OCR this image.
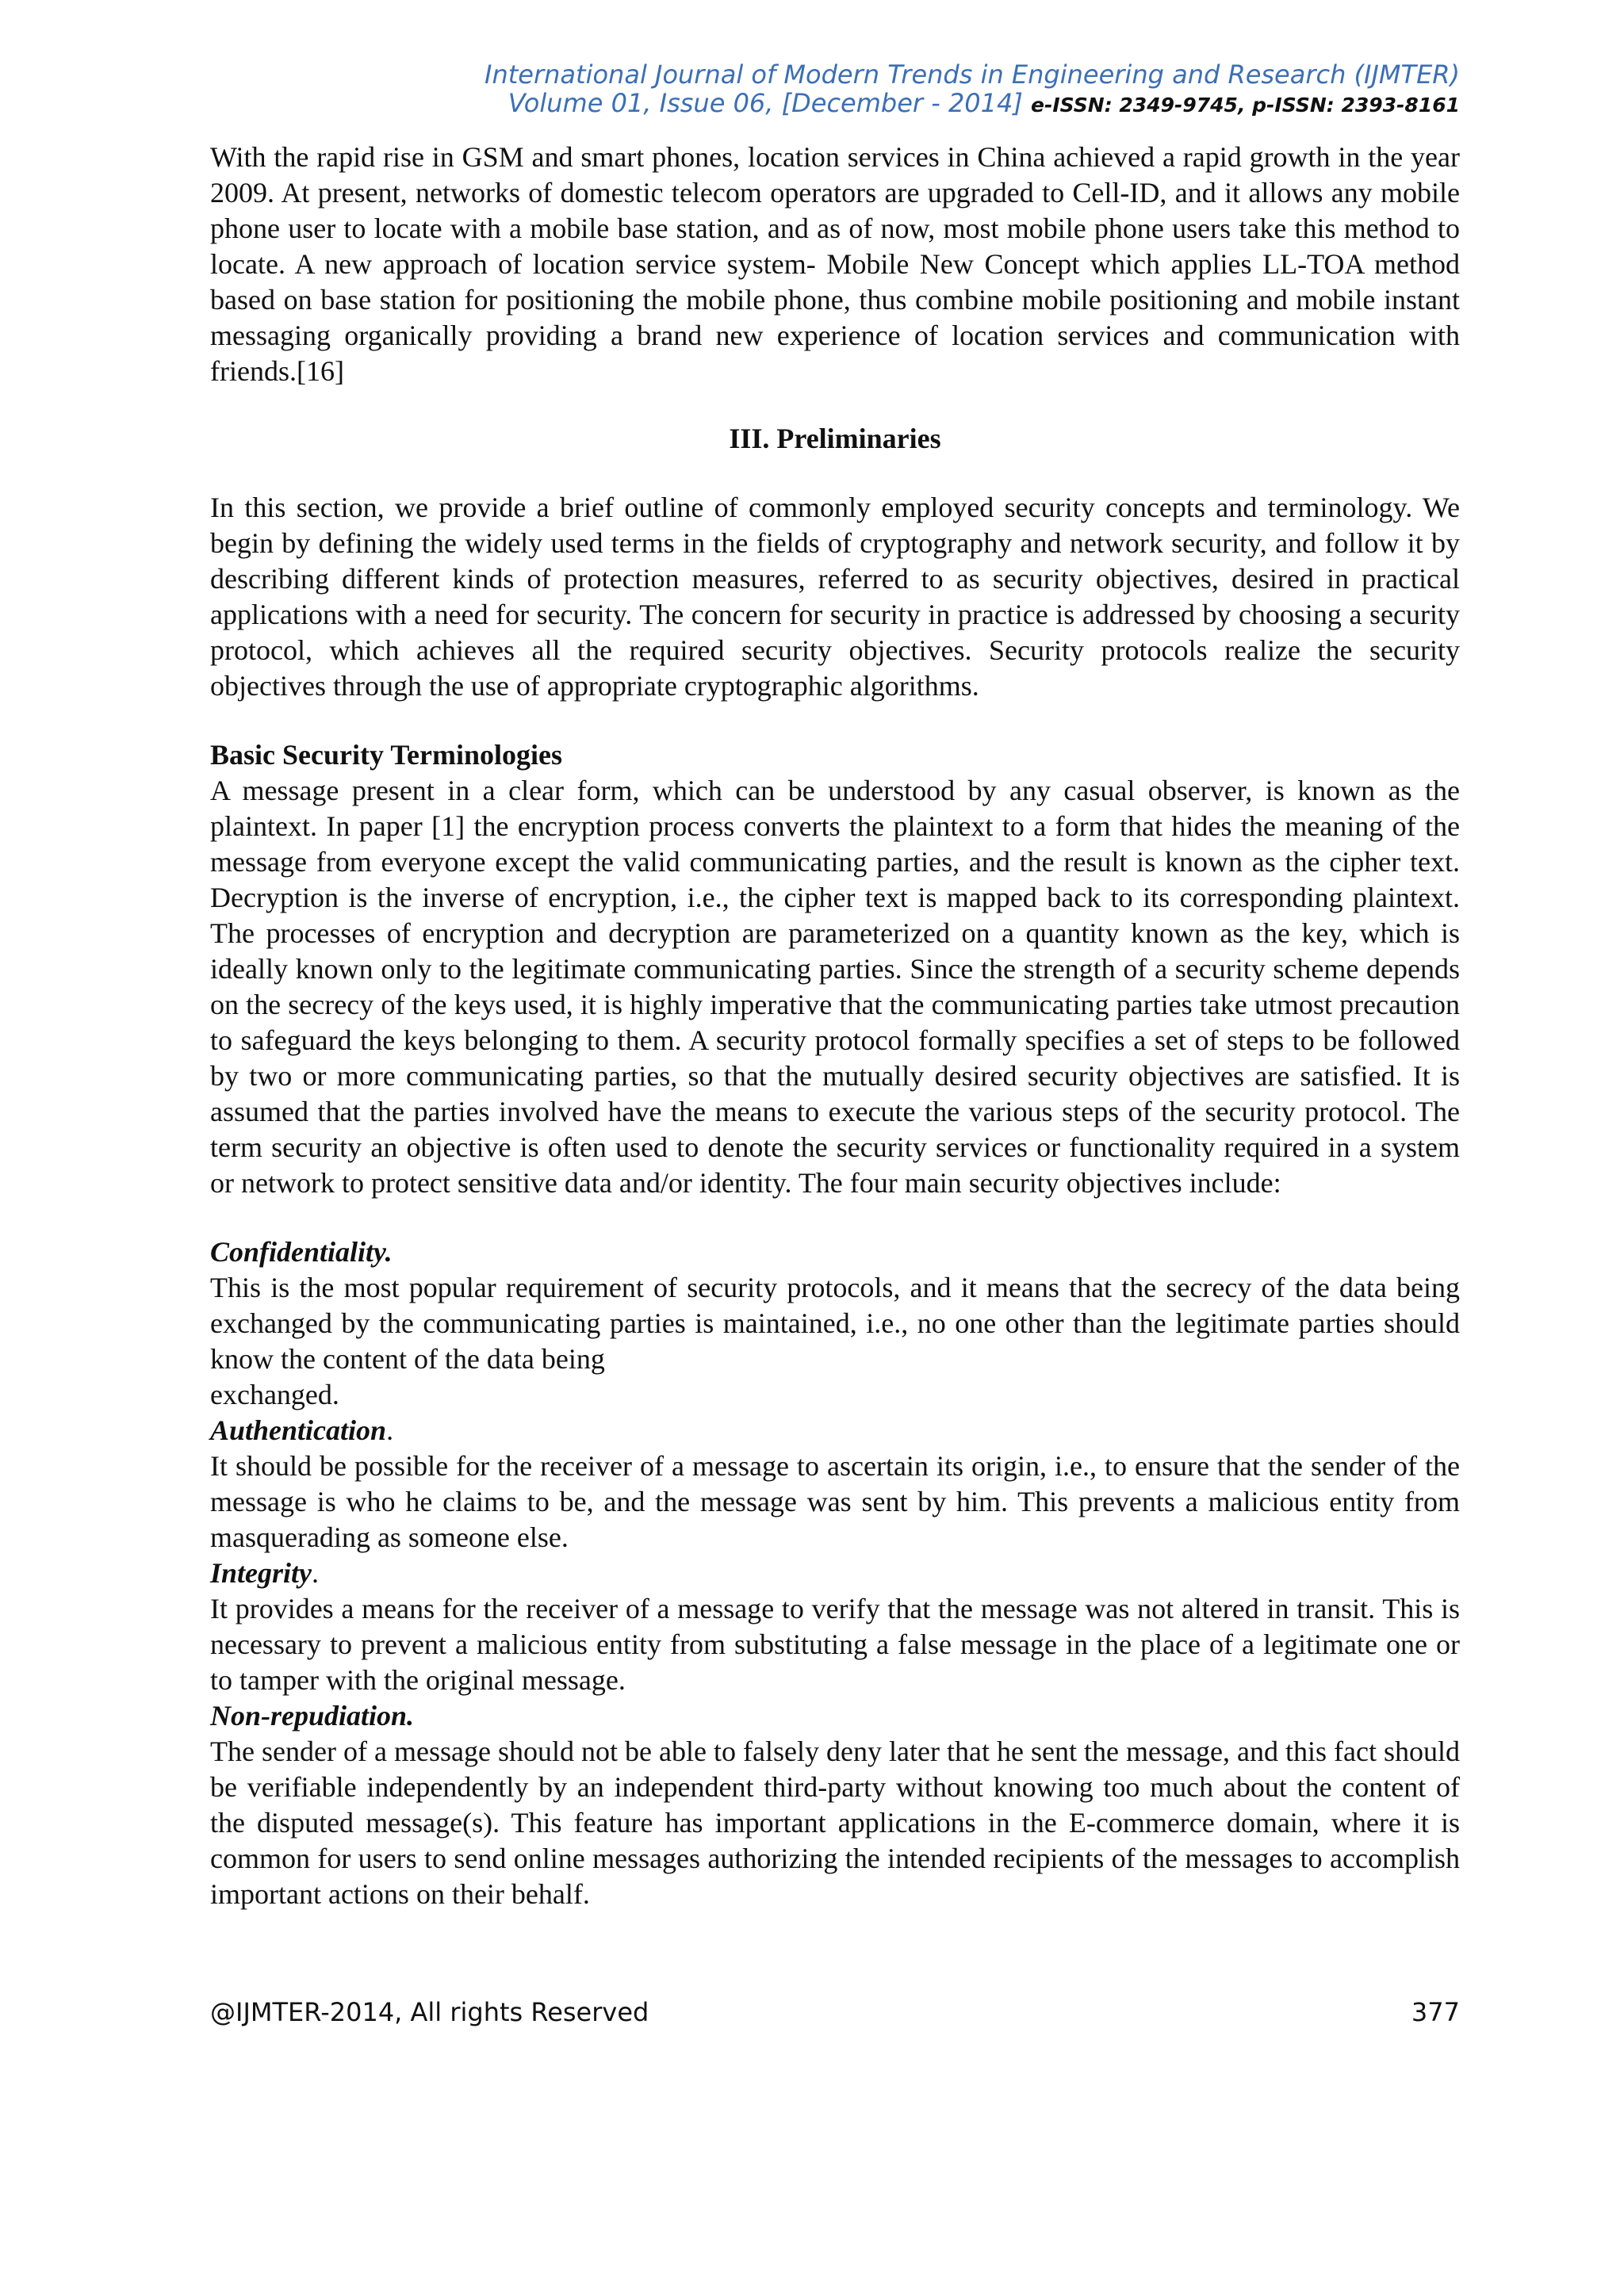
International Journal of Modern Trends in Engineering and Research (IJMTER)
Volume 01, Issue 06, [December - 2014] e-ISSN: 2349-9745, p-ISSN: 2393-8161

With the rapid rise in GSM and smart phones, location services in China achieved a rapid growth in the year 2009. At present, networks of domestic telecom operators are upgraded to Cell-ID, and it allows any mobile phone user to locate with a mobile base station, and as of now, most mobile phone users take this method to locate. A new approach of location service system- Mobile New Concept which applies LL-TOA method based on base station for positioning the mobile phone, thus combine mobile positioning and mobile instant messaging organically providing a brand new experience of location services and communication with friends.[16]

III. Preliminaries

In this section, we provide a brief outline of commonly employed security concepts and terminology. We begin by defining the widely used terms in the fields of cryptography and network security, and follow it by describing different kinds of protection measures, referred to as security objectives, desired in practical applications with a need for security. The concern for security in practice is addressed by choosing a security protocol, which achieves all the required security objectives. Security protocols realize the security objectives through the use of appropriate cryptographic algorithms.

Basic Security Terminologies

A message present in a clear form, which can be understood by any casual observer, is known as the plaintext. In paper [1] the encryption process converts the plaintext to a form that hides the meaning of the message from everyone except the valid communicating parties, and the result is known as the cipher text. Decryption is the inverse of encryption, i.e., the cipher text is mapped back to its corresponding plaintext. The processes of encryption and decryption are parameterized on a quantity known as the key, which is ideally known only to the legitimate communicating parties. Since the strength of a security scheme depends on the secrecy of the keys used, it is highly imperative that the communicating parties take utmost precaution to safeguard the keys belonging to them. A security protocol formally specifies a set of steps to be followed by two or more communicating parties, so that the mutually desired security objectives are satisfied. It is assumed that the parties involved have the means to execute the various steps of the security protocol. The term security an objective is often used to denote the security services or functionality required in a system or network to protect sensitive data and/or identity. The four main security objectives include:

Confidentiality.

This is the most popular requirement of security protocols, and it means that the secrecy of the data being exchanged by the communicating parties is maintained, i.e., no one other than the legitimate parties should know the content of the data being

exchanged.

Authentication.

It should be possible for the receiver of a message to ascertain its origin, i.e., to ensure that the sender of the message is who he claims to be, and the message was sent by him. This prevents a malicious entity from masquerading as someone else.

Integrity.

It provides a means for the receiver of a message to verify that the message was not altered in transit. This is necessary to prevent a malicious entity from substituting a false message in the place of a legitimate one or to tamper with the original message.

Non-repudiation.

The sender of a message should not be able to falsely deny later that he sent the message, and this fact should be verifiable independently by an independent third-party without knowing too much about the content of the disputed message(s). This feature has important applications in the E-commerce domain, where it is common for users to send online messages authorizing the intended recipients of the messages to accomplish important actions on their behalf.

@IJMTER-2014, All rights Reserved	377
